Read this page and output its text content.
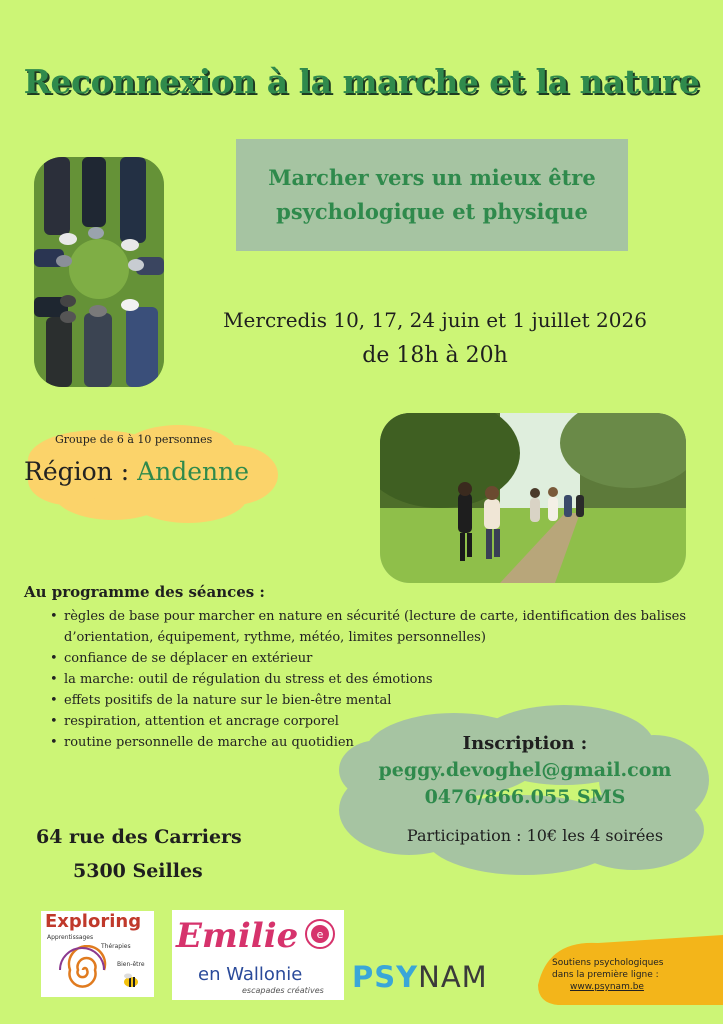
Reconnexion à la marche et la nature
Marcher vers un mieux être
psychologique et physique
Mercredis 10, 17, 24 juin et 1 juillet 2026
de 18h à 20h
Groupe de 6 à 10 personnes
Région : Andenne
Au programme des séances :
• règles de base pour marcher en nature en sécurité (lecture de carte, identification des balises
d’orientation, équipement, rythme, météo, limites personnelles)
• confiance de se déplacer en extérieur
• la marche: outil de régulation du stress et des émotions
• effets positifs de la nature sur le bien-être mental
• respiration, attention et ancrage corporel
• routine personnelle de marche au quotidien	Inscription :
peggy.devoghel@gmail.com
0476/866.055 SMS
Participation : 10€ les 4 soirées
64 rue des Carriers
5300 Seilles
Exploring
Apprentissages
Thérapies
Bien-être
e
Emilie
en Wallonie
escapades créatives PSYNAM	Soutiens psychologiques
dans la première ligne :
www.psynam.be
